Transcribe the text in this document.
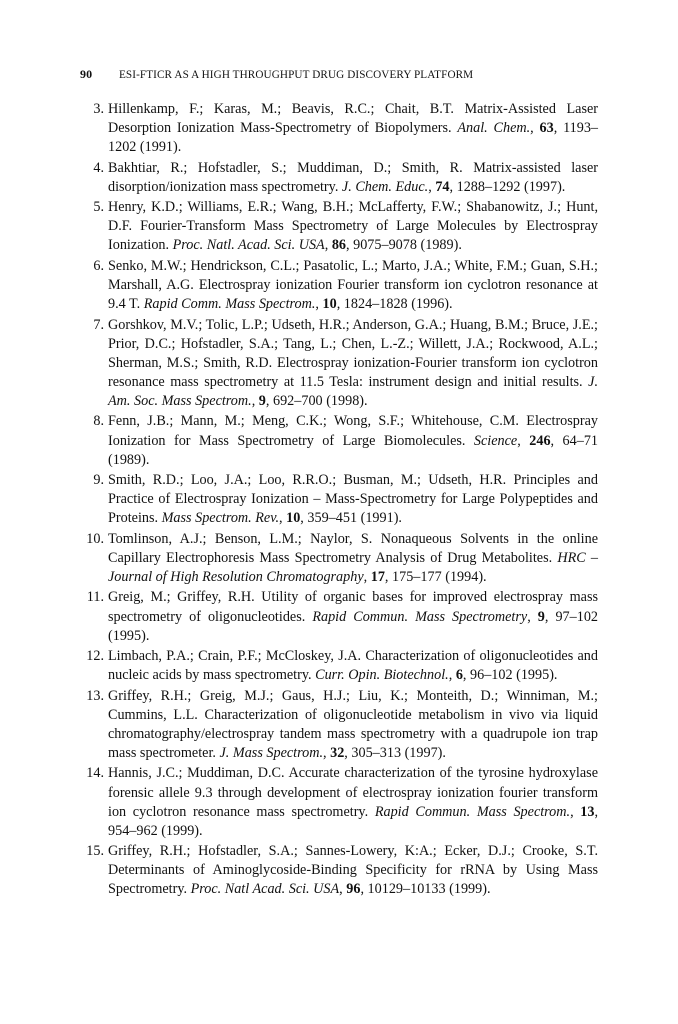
90 ESI-FTICR AS A HIGH THROUGHPUT DRUG DISCOVERY PLATFORM
3. Hillenkamp, F.; Karas, M.; Beavis, R.C.; Chait, B.T. Matrix-Assisted Laser Desorption Ionization Mass-Spectrometry of Biopolymers. Anal. Chem., 63, 1193–1202 (1991).
4. Bakhtiar, R.; Hofstadler, S.; Muddiman, D.; Smith, R. Matrix-assisted laser disorption/ionization mass spectrometry. J. Chem. Educ., 74, 1288–1292 (1997).
5. Henry, K.D.; Williams, E.R.; Wang, B.H.; McLafferty, F.W.; Shabanowitz, J.; Hunt, D.F. Fourier-Transform Mass Spectrometry of Large Molecules by Electrospray Ionization. Proc. Natl. Acad. Sci. USA, 86, 9075–9078 (1989).
6. Senko, M.W.; Hendrickson, C.L.; Pasatolic, L.; Marto, J.A.; White, F.M.; Guan, S.H.; Marshall, A.G. Electrospray ionization Fourier transform ion cyclotron resonance at 9.4 T. Rapid Comm. Mass Spectrom., 10, 1824–1828 (1996).
7. Gorshkov, M.V.; Tolic, L.P.; Udseth, H.R.; Anderson, G.A.; Huang, B.M.; Bruce, J.E.; Prior, D.C.; Hofstadler, S.A.; Tang, L.; Chen, L.-Z.; Willett, J.A.; Rockwood, A.L.; Sherman, M.S.; Smith, R.D. Electrospray ionization-Fourier transform ion cyclotron resonance mass spectrometry at 11.5 Tesla: instrument design and initial results. J. Am. Soc. Mass Spectrom., 9, 692–700 (1998).
8. Fenn, J.B.; Mann, M.; Meng, C.K.; Wong, S.F.; Whitehouse, C.M. Electrospray Ionization for Mass Spectrometry of Large Biomolecules. Science, 246, 64–71 (1989).
9. Smith, R.D.; Loo, J.A.; Loo, R.R.O.; Busman, M.; Udseth, H.R. Principles and Practice of Electrospray Ionization – Mass-Spectrometry for Large Polypeptides and Proteins. Mass Spectrom. Rev., 10, 359–451 (1991).
10. Tomlinson, A.J.; Benson, L.M.; Naylor, S. Nonaqueous Solvents in the online Capillary Electrophoresis Mass Spectrometry Analysis of Drug Metabolites. HRC – Journal of High Resolution Chromatography, 17, 175–177 (1994).
11. Greig, M.; Griffey, R.H. Utility of organic bases for improved electrospray mass spectrometry of oligonucleotides. Rapid Commun. Mass Spectrometry, 9, 97–102 (1995).
12. Limbach, P.A.; Crain, P.F.; McCloskey, J.A. Characterization of oligonucleotides and nucleic acids by mass spectrometry. Curr. Opin. Biotechnol., 6, 96–102 (1995).
13. Griffey, R.H.; Greig, M.J.; Gaus, H.J.; Liu, K.; Monteith, D.; Winniman, M.; Cummins, L.L. Characterization of oligonucleotide metabolism in vivo via liquid chromatography/electrospray tandem mass spectrometry with a quadrupole ion trap mass spectrometer. J. Mass Spectrom., 32, 305–313 (1997).
14. Hannis, J.C.; Muddiman, D.C. Accurate characterization of the tyrosine hydroxylase forensic allele 9.3 through development of electrospray ionization fourier transform ion cyclotron resonance mass spectrometry. Rapid Commun. Mass Spectrom., 13, 954–962 (1999).
15. Griffey, R.H.; Hofstadler, S.A.; Sannes-Lowery, K:A.; Ecker, D.J.; Crooke, S.T. Determinants of Aminoglycoside-Binding Specificity for rRNA by Using Mass Spectrometry. Proc. Natl Acad. Sci. USA, 96, 10129–10133 (1999).
